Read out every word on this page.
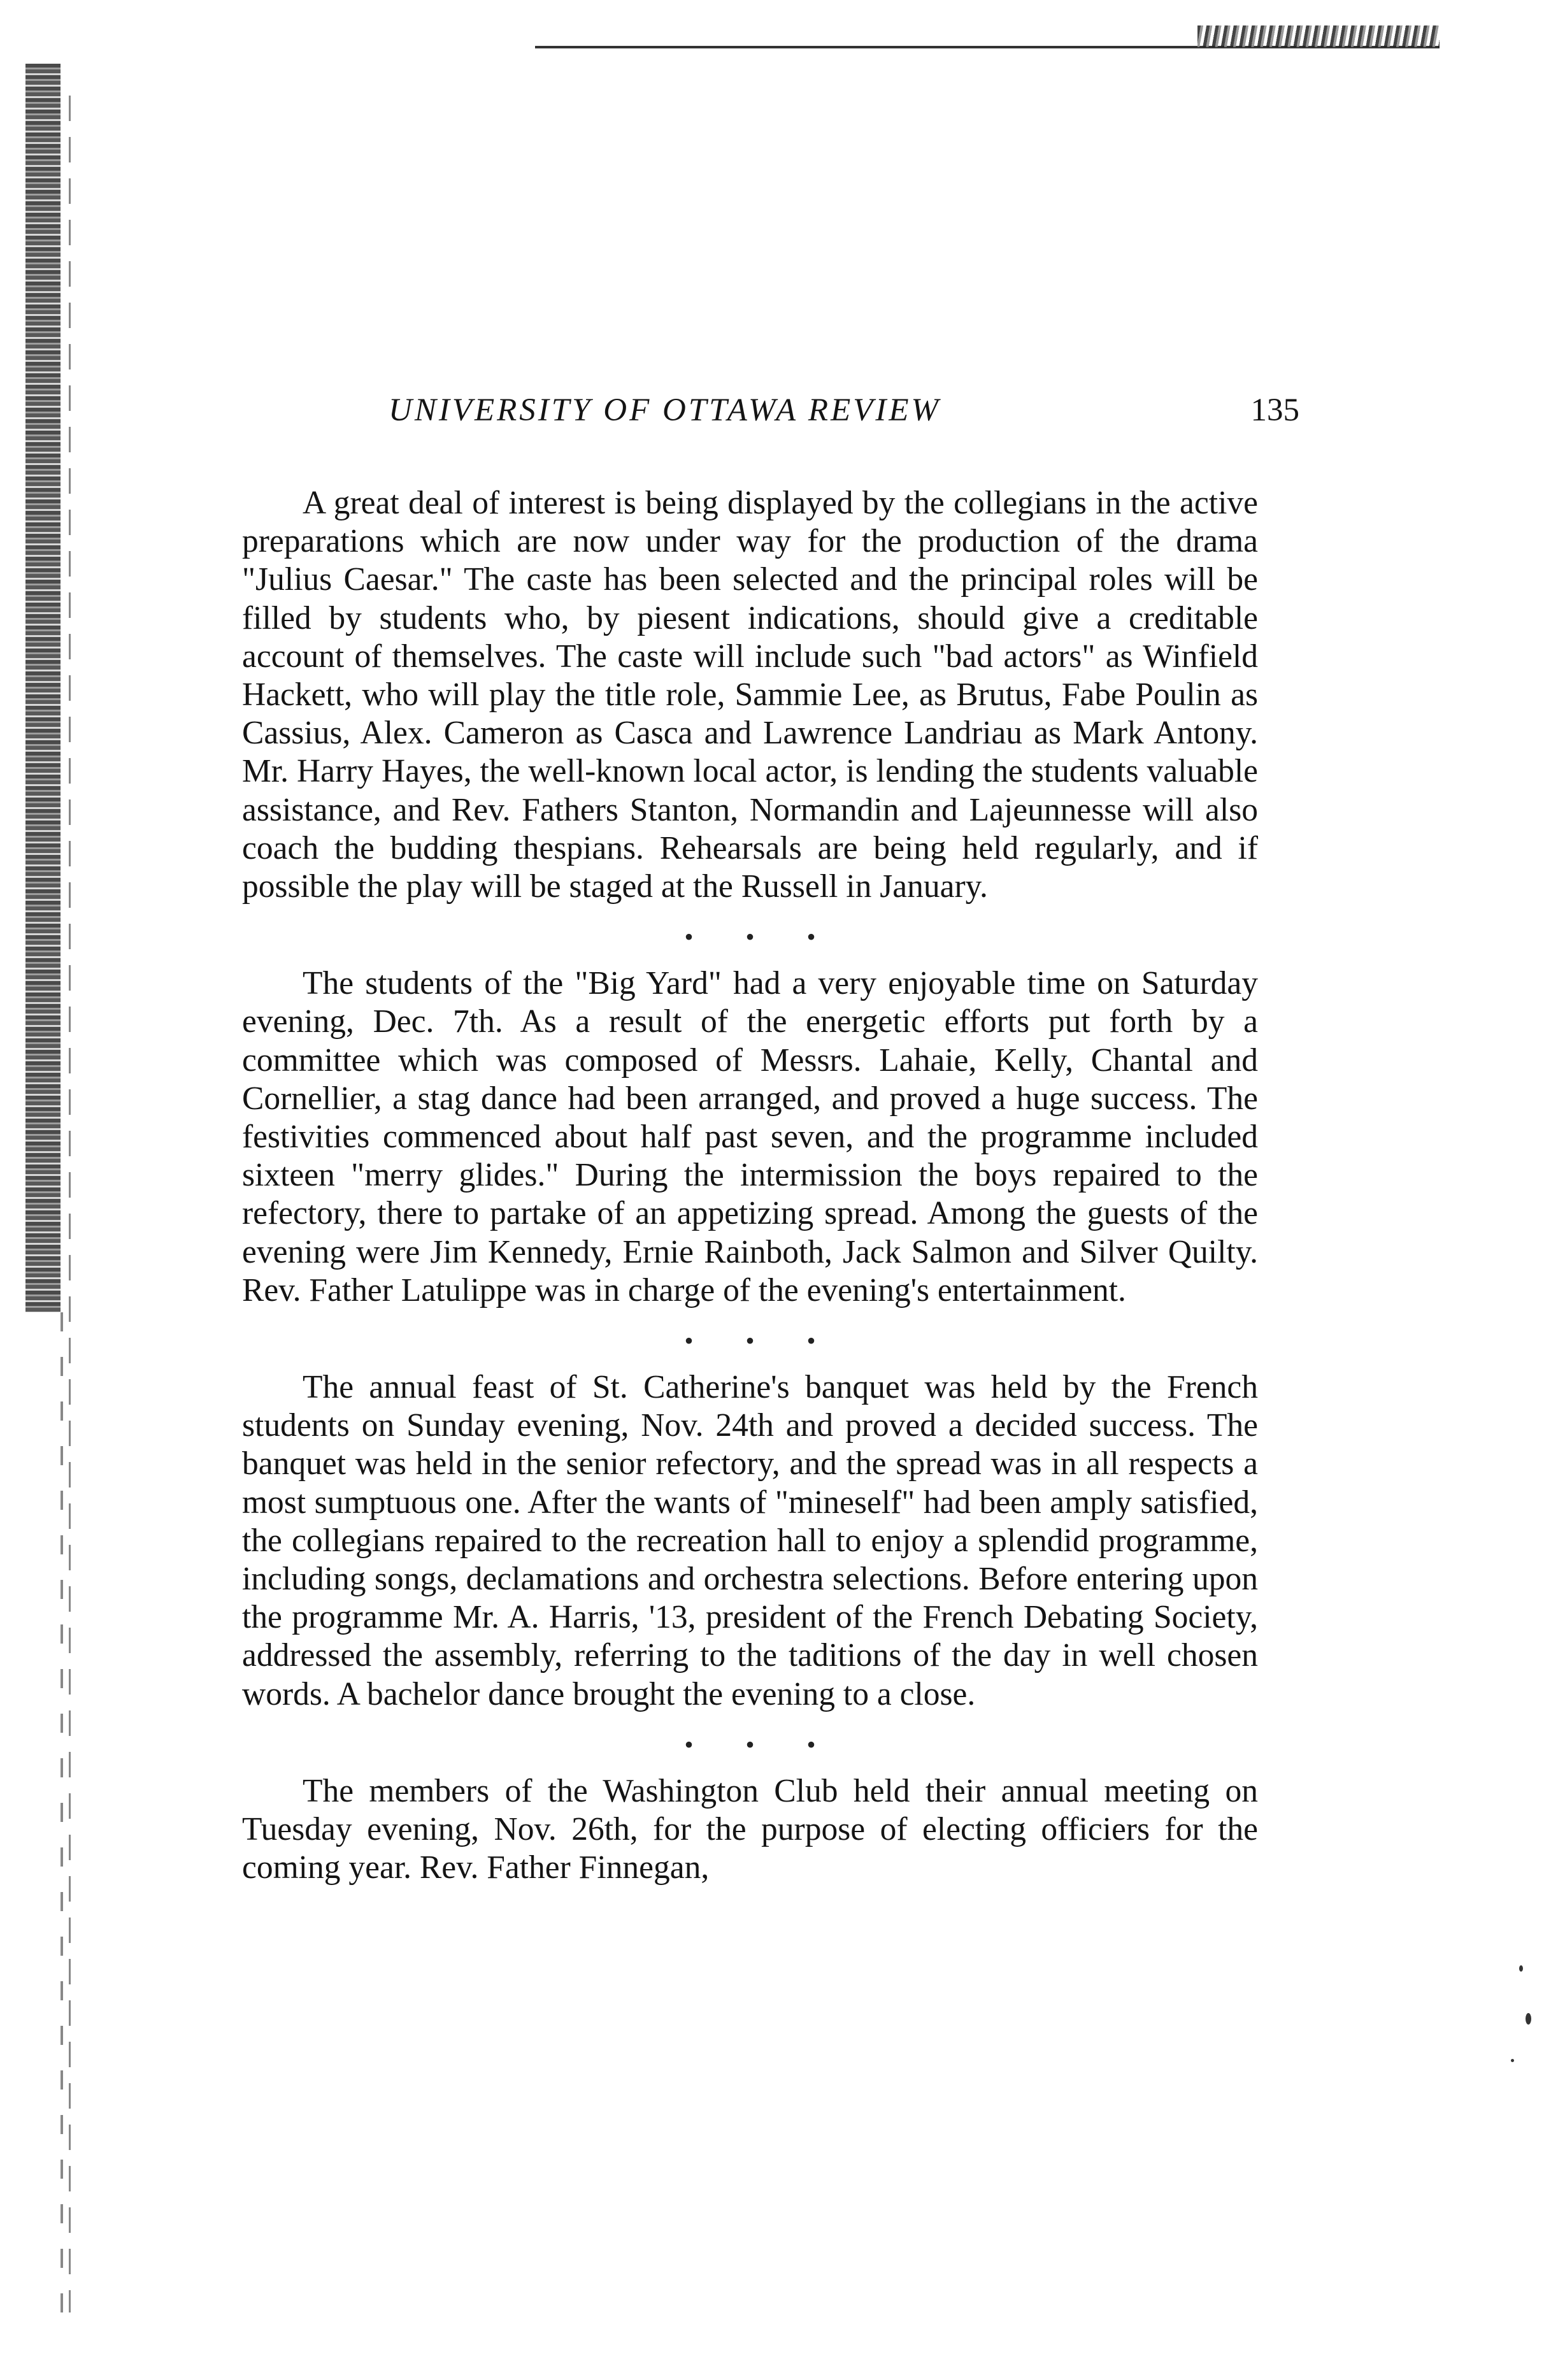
UNIVERSITY OF OTTAWA REVIEW	135

A great deal of interest is being displayed by the collegians in the active preparations which are now under way for the production of the drama "Julius Caesar." The caste has been selected and the principal roles will be filled by students who, by piesent indications, should give a creditable account of themselves. The caste will include such "bad actors" as Winfield Hackett, who will play the title role, Sammie Lee, as Brutus, Fabe Poulin as Cassius, Alex. Cameron as Casca and Lawrence Landriau as Mark Antony. Mr. Harry Hayes, the well-known local actor, is lending the students valuable assistance, and Rev. Fathers Stanton, Normandin and Lajeunnesse will also coach the budding thespians. Rehearsals are being held regularly, and if possible the play will be staged at the Russell in January.

• • •

The students of the "Big Yard" had a very enjoyable time on Saturday evening, Dec. 7th. As a result of the energetic efforts put forth by a committee which was composed of Messrs. Lahaie, Kelly, Chantal and Cornellier, a stag dance had been arranged, and proved a huge success. The festivities commenced about half past seven, and the programme included sixteen "merry glides." During the intermission the boys repaired to the refectory, there to partake of an appetizing spread. Among the guests of the evening were Jim Kennedy, Ernie Rainboth, Jack Salmon and Silver Quilty. Rev. Father Latulippe was in charge of the evening's entertainment.

• • •

The annual feast of St. Catherine's banquet was held by the French students on Sunday evening, Nov. 24th and proved a decided success. The banquet was held in the senior refectory, and the spread was in all respects a most sumptuous one. After the wants of "mineself" had been amply satisfied, the collegians repaired to the recreation hall to enjoy a splendid programme, including songs, declamations and orchestra selections. Before entering upon the programme Mr. A. Harris, '13, president of the French Debating Society, addressed the assembly, referring to the taditions of the day in well chosen words. A bachelor dance brought the evening to a close.

• • •

The members of the Washington Club held their annual meeting on Tuesday evening, Nov. 26th, for the purpose of electing officiers for the coming year. Rev. Father Finnegan,
